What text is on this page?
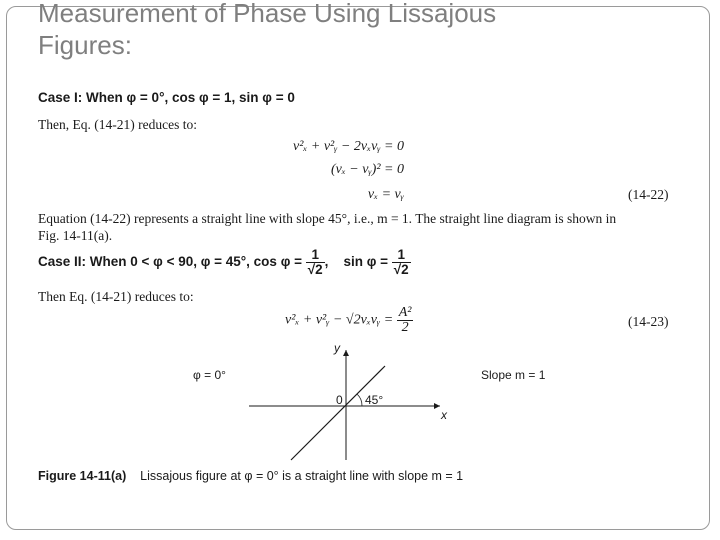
Measurement of Phase Using Lissajous
Figures:
Case I: When φ = 0°, cos φ = 1, sin φ = 0
Then, Eq. (14-21) reduces to:
v²ₓ + v²ᵧ − 2vₓvᵧ = 0
(vₓ − vᵧ)² = 0
vₓ = vᵧ	(14-22)
Equation (14-22) represents a straight line with slope 45°, i.e., m = 1. The straight line diagram is shown in
Fig. 14-11(a).
Case II: When 0 < φ < 90, φ = 45°, $\cos \varphi = \frac{1}{√2}$ ,    $\sin \varphi = \frac{1}{√2}$
Then Eq. (14-21) reduces to:
v²ₓ + v²ᵧ − √2vₓvᵧ = $\frac{\text{A²}}{2}$	(14-23)
φ = 0°	Slope m = 1
y
x
0 45°
Figure 14-11(a) Lissajous figure at φ = 0° is a straight line with slope m = 1
